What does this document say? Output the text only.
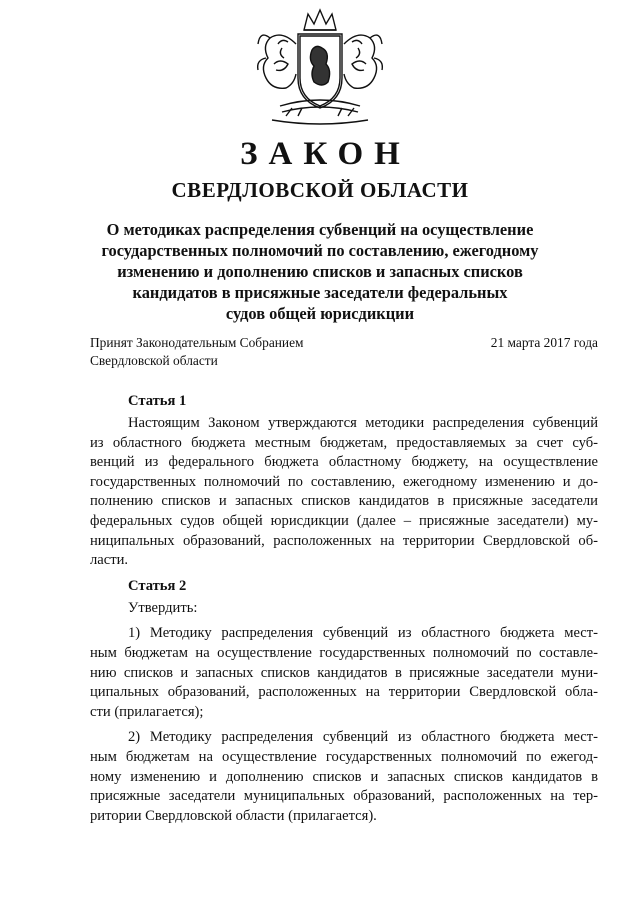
ЗАКОН
СВЕРДЛОВСКОЙ ОБЛАСТИ
О методиках распределения субвенций на осуществление
государственных полномочий по составлению, ежегодному
изменению и дополнению списков и запасных списков
кандидатов в присяжные заседатели федеральных
судов общей юрисдикции
Принят Законодательным Собранием
Свердловской области
21 марта 2017 года
Статья 1
Настоящим Законом утверждаются методики распределения субвенций
из областного бюджета местным бюджетам, предоставляемых за счет суб-
венций из федерального бюджета областному бюджету, на осуществление
государственных полномочий по составлению, ежегодному изменению и до-
полнению списков и запасных списков кандидатов в присяжные заседатели
федеральных судов общей юрисдикции (далее – присяжные заседатели) му-
ниципальных образований, расположенных на территории Свердловской об-
ласти.
Статья 2
Утвердить:
1) Методику распределения субвенций из областного бюджета мест-
ным бюджетам на осуществление государственных полномочий по составле-
нию списков и запасных списков кандидатов в присяжные заседатели муни-
ципальных образований, расположенных на территории Свердловской обла-
сти (прилагается);
2) Методику распределения субвенций из областного бюджета мест-
ным бюджетам на осуществление государственных полномочий по ежегод-
ному изменению и дополнению списков и запасных списков кандидатов в
присяжные заседатели муниципальных образований, расположенных на тер-
ритории Свердловской области (прилагается).
